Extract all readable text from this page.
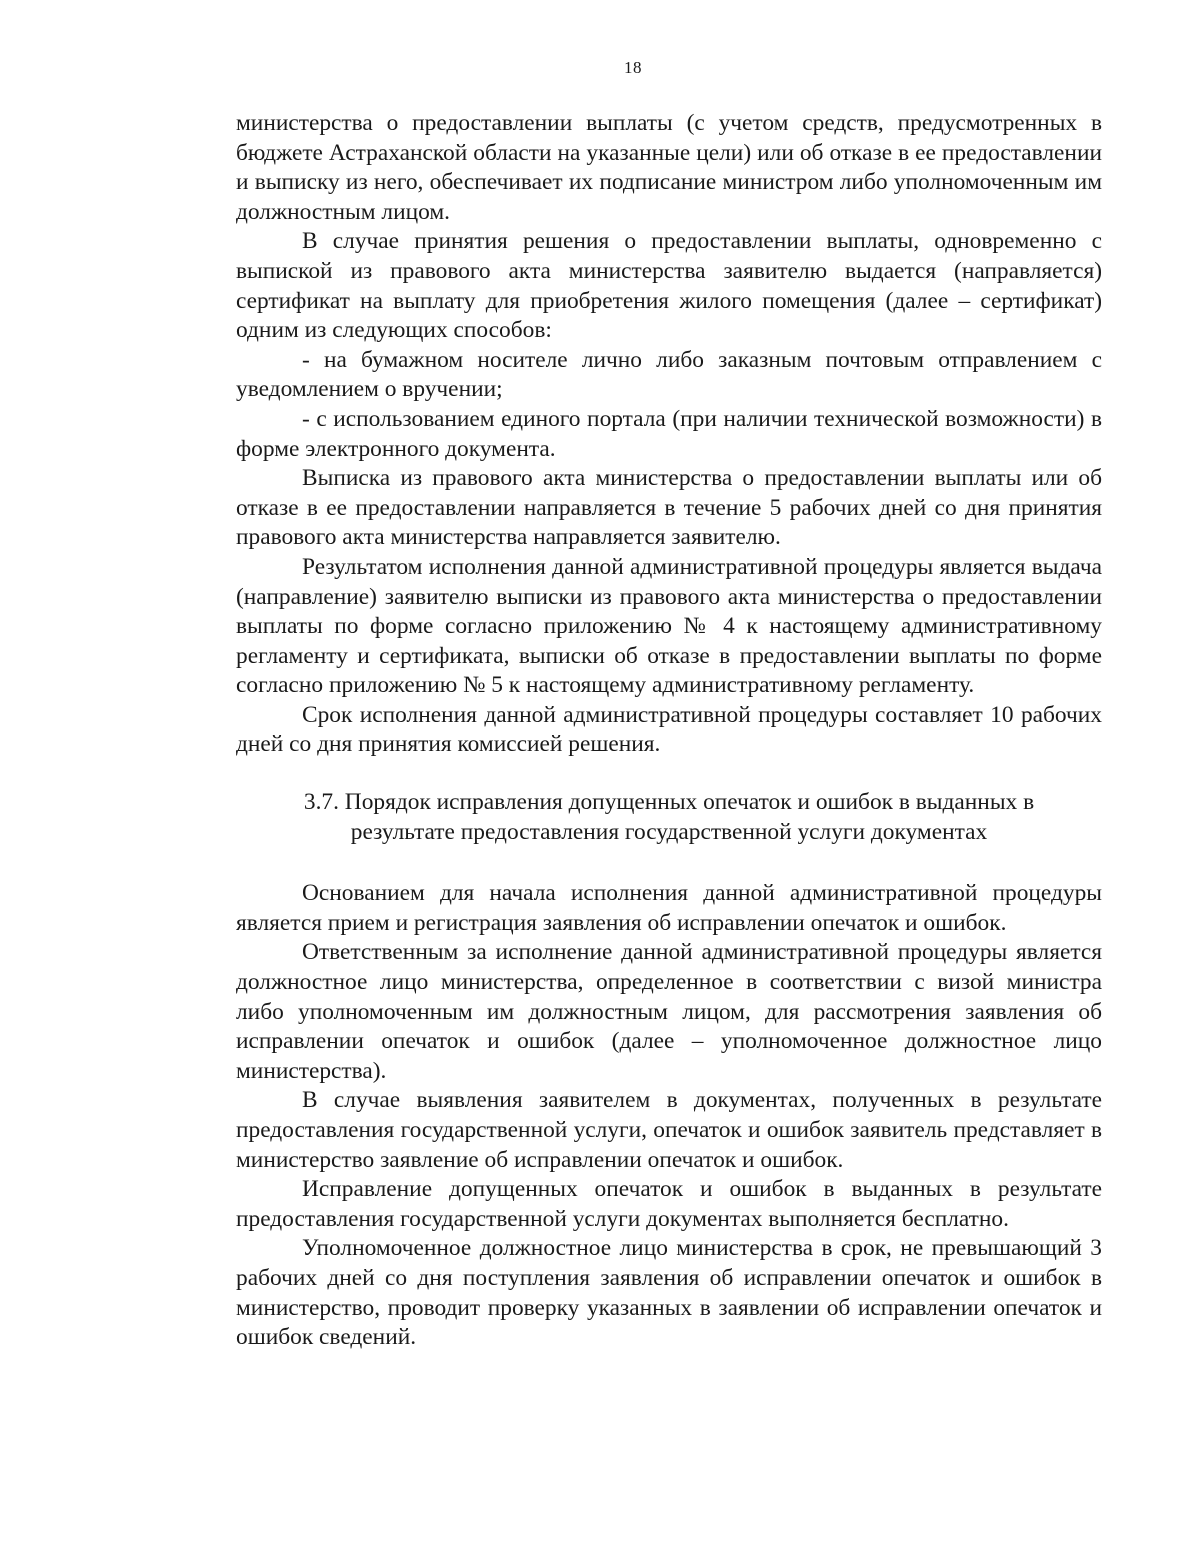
18

министерства о предоставлении выплаты (с учетом средств, предусмотренных в бюджете Астраханской области на указанные цели) или об отказе в ее предоставлении и выписку из него, обеспечивает их подписание министром либо уполномоченным им должностным лицом.

В случае принятия решения о предоставлении выплаты, одновременно с выпиской из правового акта министерства заявителю выдается (направляется) сертификат на выплату для приобретения жилого помещения (далее – сертификат) одним из следующих способов:

- на бумажном носителе лично либо заказным почтовым отправлением с уведомлением о вручении;

- с использованием единого портала (при наличии технической возможности) в форме электронного документа.

Выписка из правового акта министерства о предоставлении выплаты или об отказе в ее предоставлении направляется в течение 5 рабочих дней со дня принятия правового акта министерства направляется заявителю.

Результатом исполнения данной административной процедуры является выдача (направление) заявителю выписки из правового акта министерства о предоставлении выплаты по форме согласно приложению № 4 к настоящему административному регламенту и сертификата, выписки об отказе в предоставлении выплаты по форме согласно приложению № 5 к настоящему административному регламенту.

Срок исполнения данной административной процедуры составляет 10 рабочих дней со дня принятия комиссией решения.

3.7. Порядок исправления допущенных опечаток и ошибок в выданных в
результате предоставления государственной услуги документах

Основанием для начала исполнения данной административной процедуры является прием и регистрация заявления об исправлении опечаток и ошибок.

Ответственным за исполнение данной административной процедуры является должностное лицо министерства, определенное в соответствии с визой министра либо уполномоченным им должностным лицом, для рассмотрения заявления об исправлении опечаток и ошибок (далее – уполномоченное должностное лицо министерства).

В случае выявления заявителем в документах, полученных в результате предоставления государственной услуги, опечаток и ошибок заявитель представляет в министерство заявление об исправлении опечаток и ошибок.

Исправление допущенных опечаток и ошибок в выданных в результате предоставления государственной услуги документах выполняется бесплатно.

Уполномоченное должностное лицо министерства в срок, не превышающий 3 рабочих дней со дня поступления заявления об исправлении опечаток и ошибок в министерство, проводит проверку указанных в заявлении об исправлении опечаток и ошибок сведений.
